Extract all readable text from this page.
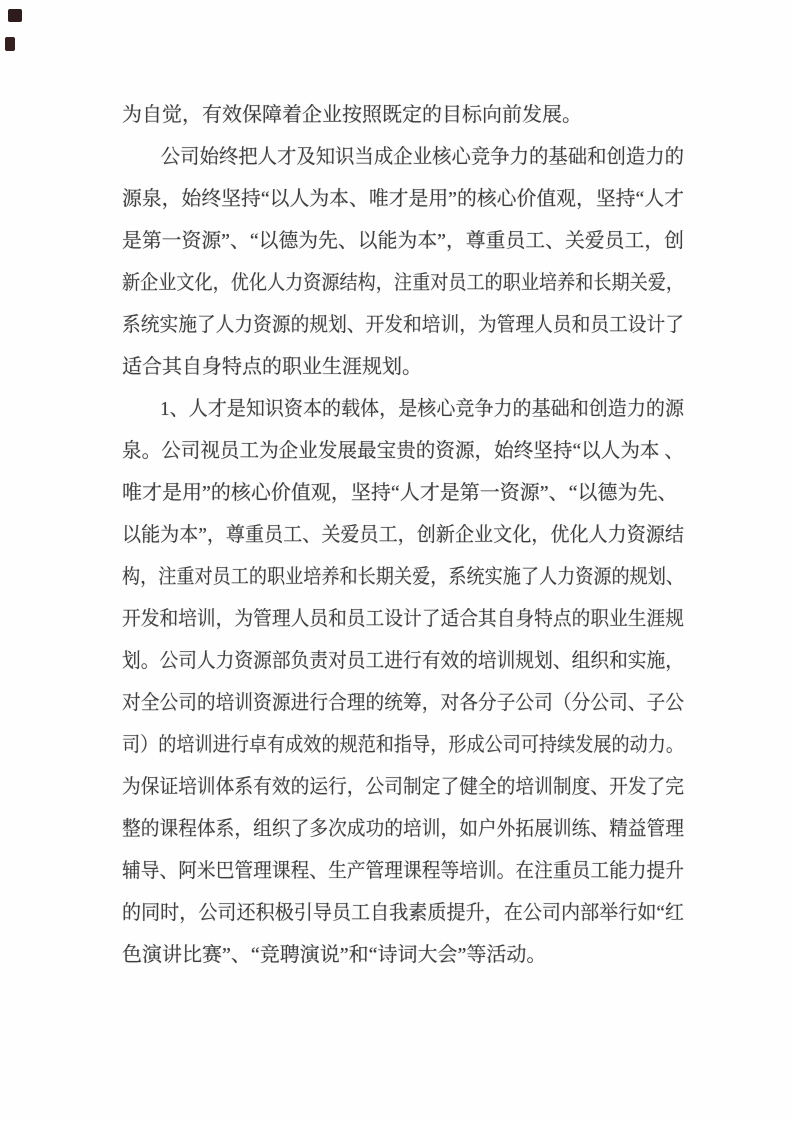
为自觉，有效保障着企业按照既定的目标向前发展。
　　公司始终把人才及知识当成企业核心竞争力的基础和创造力的
源泉，始终坚持“以人为本、唯才是用”的核心价值观，坚持“人才
是第一资源”、“以德为先、以能为本”，尊重员工、关爱员工，创
新企业文化，优化人力资源结构，注重对员工的职业培养和长期关爱，
系统实施了人力资源的规划、开发和培训，为管理人员和员工设计了
适合其自身特点的职业生涯规划。
　　1、人才是知识资本的载体，是核心竞争力的基础和创造力的源
泉。公司视员工为企业发展最宝贵的资源，始终坚持“以人为本 、
唯才是用”的核心价值观，坚持“人才是第一资源”、“以德为先、
以能为本”，尊重员工、关爱员工，创新企业文化，优化人力资源结
构，注重对员工的职业培养和长期关爱，系统实施了人力资源的规划、
开发和培训，为管理人员和员工设计了适合其自身特点的职业生涯规
划。公司人力资源部负责对员工进行有效的培训规划、组织和实施，
对全公司的培训资源进行合理的统筹，对各分子公司（分公司、子公
司）的培训进行卓有成效的规范和指导，形成公司可持续发展的动力。
为保证培训体系有效的运行，公司制定了健全的培训制度、开发了完
整的课程体系，组织了多次成功的培训，如户外拓展训练、精益管理
辅导、阿米巴管理课程、生产管理课程等培训。在注重员工能力提升
的同时，公司还积极引导员工自我素质提升，在公司内部举行如“红
色演讲比赛”、“竞聘演说”和“诗词大会”等活动。
